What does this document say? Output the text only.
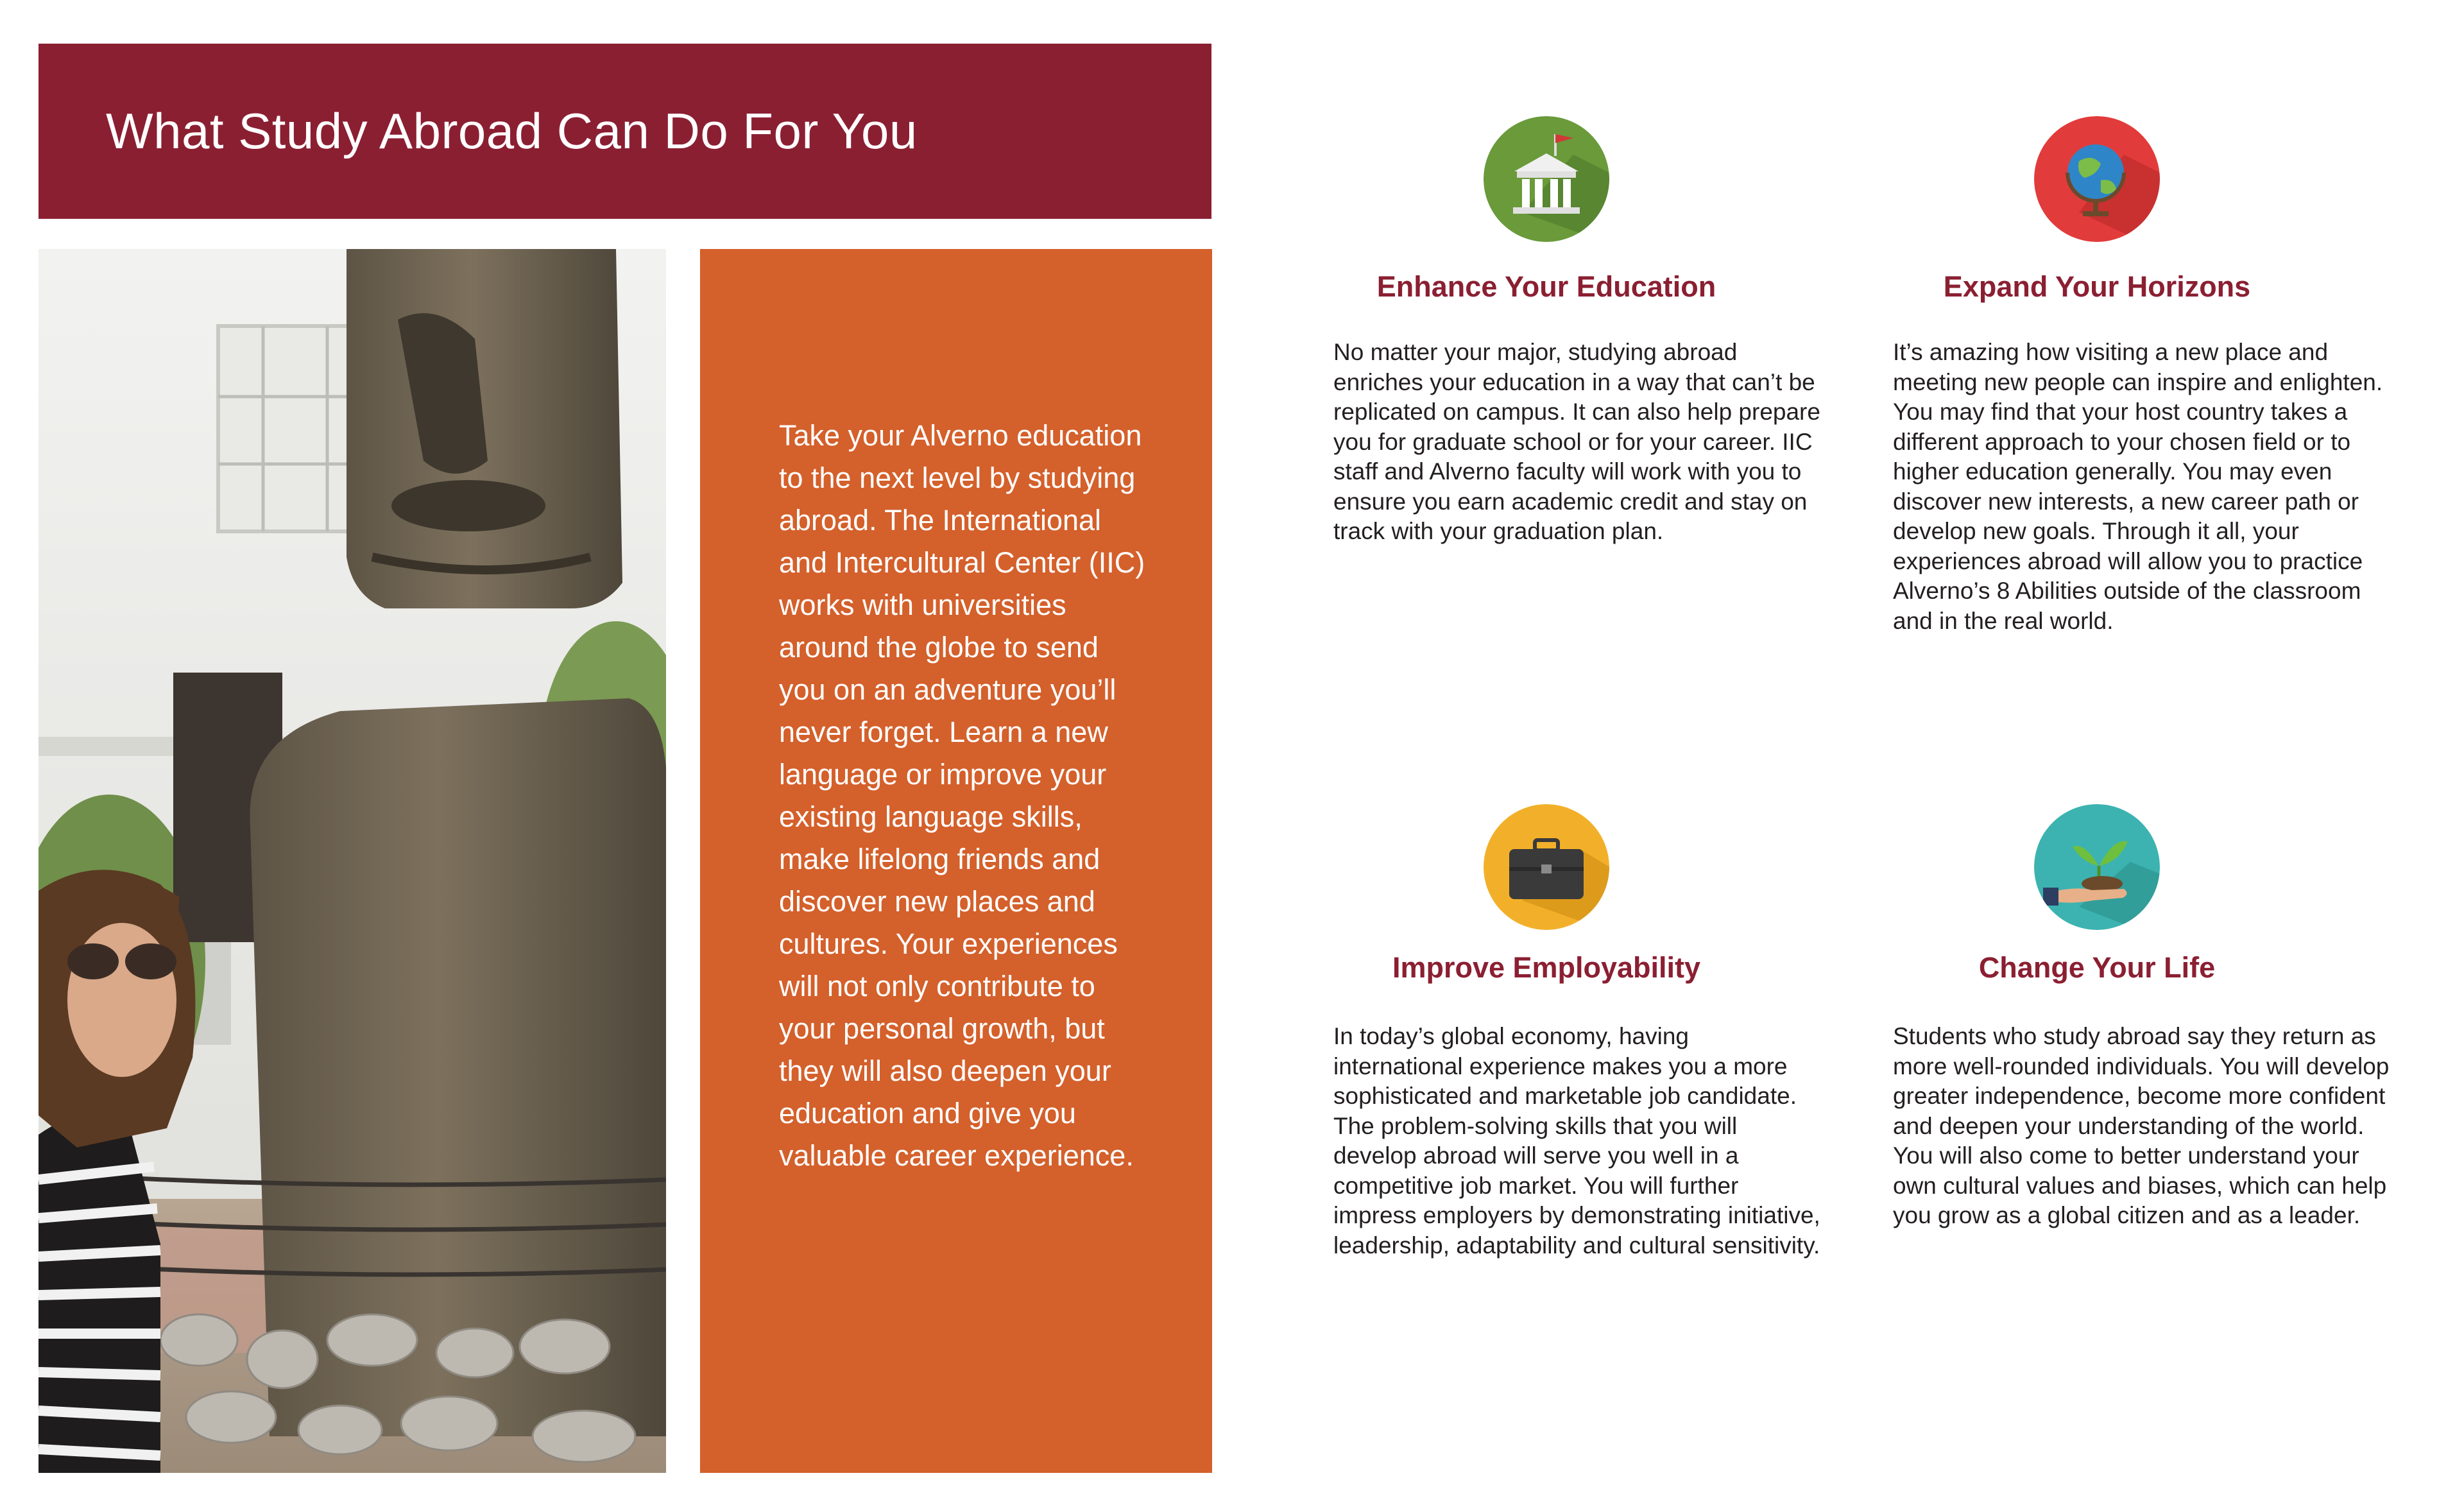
What Study Abroad Can Do For You

Take your Alverno education to the next level by studying abroad. The International and Intercultural Center (IIC) works with universities around the globe to send you on an adventure you’ll never forget. Learn a new language or improve your existing language skills, make lifelong friends and discover new places and cultures. Your experiences will not only contribute to your personal growth, but they will also deepen your education and give you valuable career experience.

Enhance Your Education

No matter your major, studying abroad enriches your education in a way that can’t be replicated on campus. It can also help prepare you for graduate school or for your career. IIC staff and Alverno faculty will work with you to ensure you earn academic credit and stay on track with your graduation plan.

Expand Your Horizons

It’s amazing how visiting a new place and meeting new people can inspire and enlighten. You may find that your host country takes a different approach to your chosen field or to higher education generally. You may even discover new interests, a new career path or develop new goals. Through it all, your experiences abroad will allow you to practice Alverno’s 8 Abilities outside of the classroom and in the real world.

Improve Employability

In today’s global economy, having international experience makes you a more sophisticated and marketable job candidate. The problem-solving skills that you will develop abroad will serve you well in a competitive job market. You will further impress employers by demonstrating initiative, leadership, adaptability and cultural sensitivity.

Change Your Life

Students who study abroad say they return as more well-rounded individuals. You will develop greater independence, become more confident and deepen your understanding of the world. You will also come to better understand your own cultural values and biases, which can help you grow as a global citizen and as a leader.
